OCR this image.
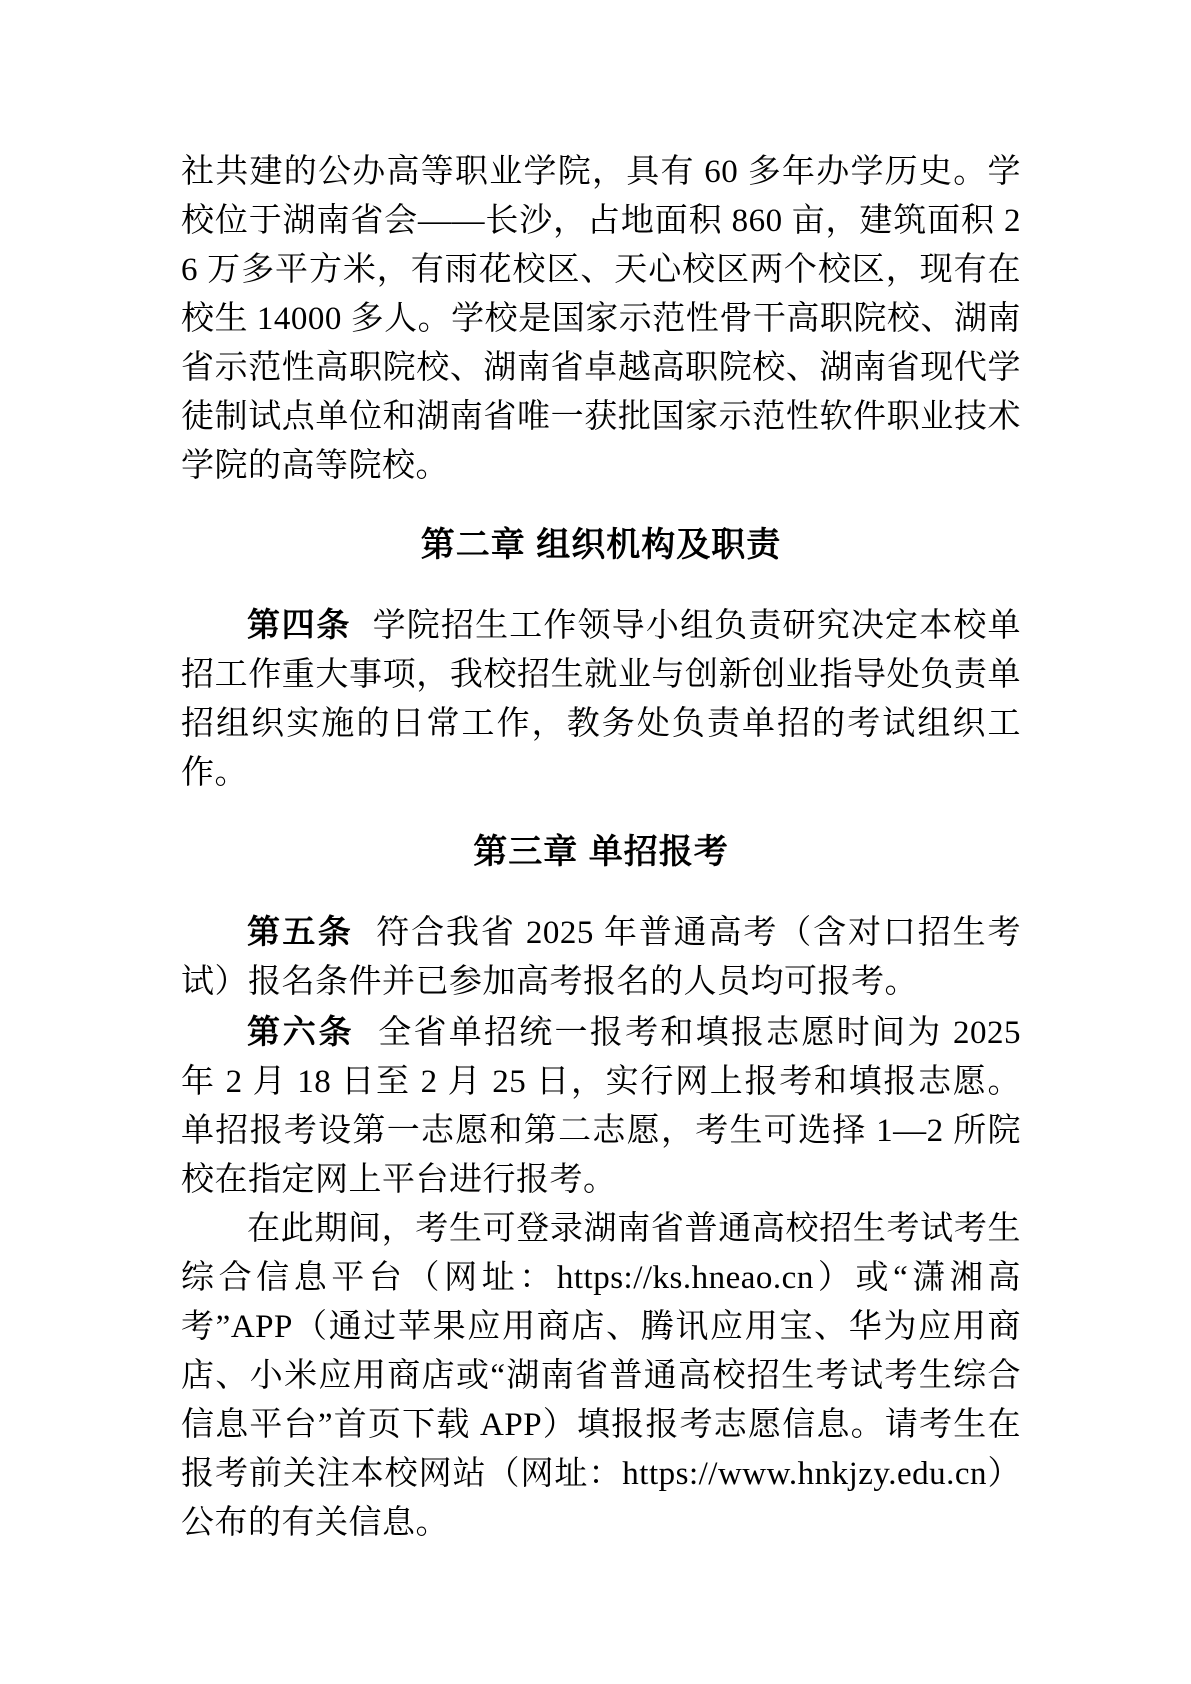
社共建的公办高等职业学院，具有 60 多年办学历史。学校位于湖南省会——长沙，占地面积 860 亩，建筑面积 26 万多平方米，有雨花校区、天心校区两个校区，现有在校生 14000 多人。学校是国家示范性骨干高职院校、湖南省示范性高职院校、湖南省卓越高职院校、湖南省现代学徒制试点单位和湖南省唯一获批国家示范性软件职业技术学院的高等院校。

第二章 组织机构及职责

第四条 学院招生工作领导小组负责研究决定本校单招工作重大事项，我校招生就业与创新创业指导处负责单招组织实施的日常工作，教务处负责单招的考试组织工作。

第三章 单招报考

第五条 符合我省 2025 年普通高考（含对口招生考试）报名条件并已参加高考报名的人员均可报考。

第六条 全省单招统一报考和填报志愿时间为 2025 年 2 月 18 日至 2 月 25 日，实行网上报考和填报志愿。单招报考设第一志愿和第二志愿，考生可选择 1—2 所院校在指定网上平台进行报考。

在此期间，考生可登录湖南省普通高校招生考试考生综合信息平台（网址：https://ks.hneao.cn）或“潇湘高考”APP（通过苹果应用商店、腾讯应用宝、华为应用商店、小米应用商店或“湖南省普通高校招生考试考生综合信息平台”首页下载 APP）填报报考志愿信息。请考生在报考前关注本校网站（网址：https://www.hnkjzy.edu.cn）公布的有关信息。
